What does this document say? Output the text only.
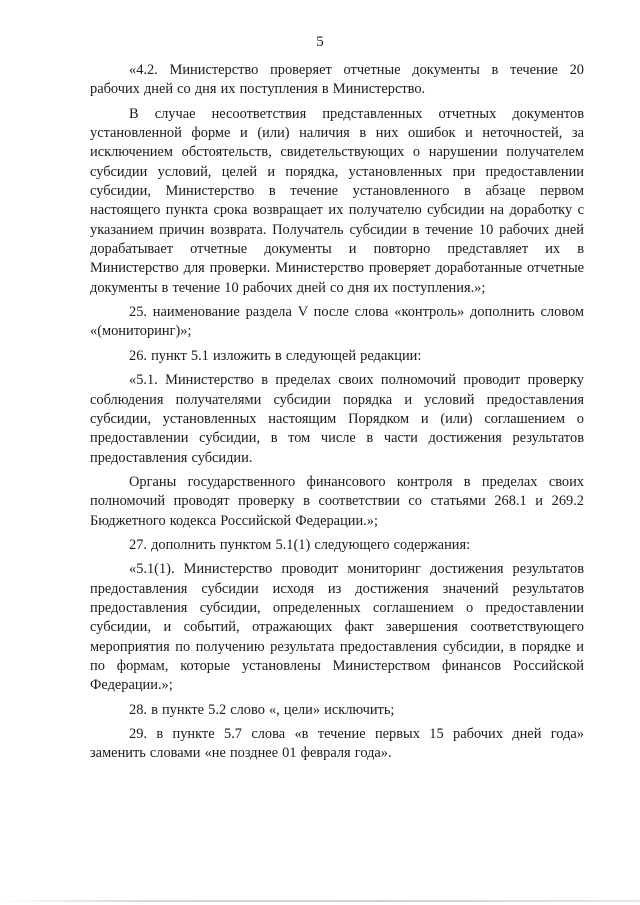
5

«4.2. Министерство проверяет отчетные документы в течение 20 рабочих дней со дня их поступления в Министерство.

В случае несоответствия представленных отчетных документов установленной форме и (или) наличия в них ошибок и неточностей, за исключением обстоятельств, свидетельствующих о нарушении получателем субсидии условий, целей и порядка, установленных при предоставлении субсидии, Министерство в течение установленного в абзаце первом настоящего пункта срока возвращает их получателю субсидии на доработку с указанием причин возврата. Получатель субсидии в течение 10 рабочих дней дорабатывает отчетные документы и повторно представляет их в Министерство для проверки. Министерство проверяет доработанные отчетные документы в течение 10 рабочих дней со дня их поступления.»;

25. наименование раздела V после слова «контроль» дополнить словом «(мониторинг)»;

26. пункт 5.1 изложить в следующей редакции:

«5.1. Министерство в пределах своих полномочий проводит проверку соблюдения получателями субсидии порядка и условий предоставления субсидии, установленных настоящим Порядком и (или) соглашением о предоставлении субсидии, в том числе в части достижения результатов предоставления субсидии.

Органы государственного финансового контроля в пределах своих полномочий проводят проверку в соответствии со статьями 268.1 и 269.2 Бюджетного кодекса Российской Федерации.»;

27. дополнить пунктом 5.1(1) следующего содержания:

«5.1(1). Министерство проводит мониторинг достижения результатов предоставления субсидии исходя из достижения значений результатов предоставления субсидии, определенных соглашением о предоставлении субсидии, и событий, отражающих факт завершения соответствующего мероприятия по получению результата предоставления субсидии, в порядке и по формам, которые установлены Министерством финансов Российской Федерации.»;

28. в пункте 5.2 слово «, цели» исключить;

29. в пункте 5.7 слова «в течение первых 15 рабочих дней года» заменить словами «не позднее 01 февраля года».
